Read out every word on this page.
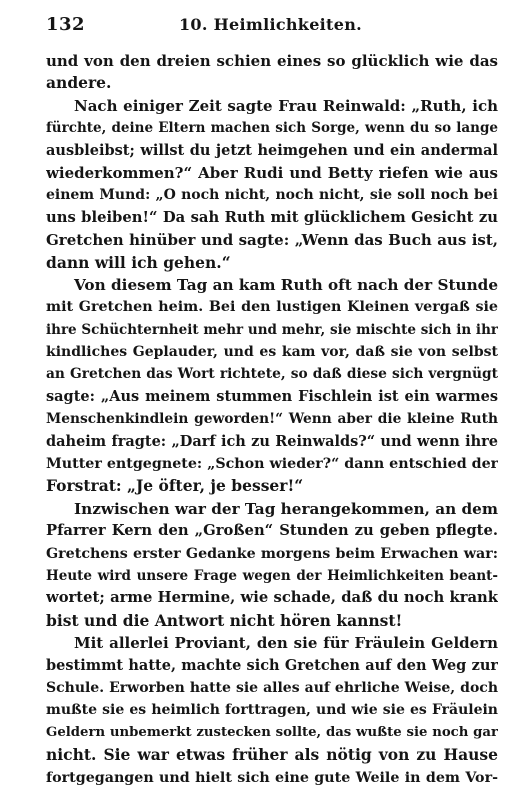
132	10. Heimlichkeiten.
und von den dreien schien eines so glücklich wie das
andere.
Nach einiger Zeit sagte Frau Reinwald: „Ruth, ich
fürchte, deine Eltern machen sich Sorge, wenn du so lange
ausbleibst; willst du jetzt heimgehen und ein andermal
wiederkommen?“ Aber Rudi und Betty riefen wie aus
einem Mund: „O noch nicht, noch nicht, sie soll noch bei
uns bleiben!“ Da sah Ruth mit glücklichem Gesicht zu
Gretchen hinüber und sagte: „Wenn das Buch aus ist,
dann will ich gehen.“
Von diesem Tag an kam Ruth oft nach der Stunde
mit Gretchen heim. Bei den lustigen Kleinen vergaß sie
ihre Schüchternheit mehr und mehr, sie mischte sich in ihr
kindliches Geplauder, und es kam vor, daß sie von selbst
an Gretchen das Wort richtete, so daß diese sich vergnügt
sagte: „Aus meinem stummen Fischlein ist ein warmes
Menschenkindlein geworden!“ Wenn aber die kleine Ruth
daheim fragte: „Darf ich zu Reinwalds?“ und wenn ihre
Mutter entgegnete: „Schon wieder?“ dann entschied der
Forstrat: „Je öfter, je besser!“
Inzwischen war der Tag herangekommen, an dem
Pfarrer Kern den „Großen“ Stunden zu geben pflegte.
Gretchens erster Gedanke morgens beim Erwachen war:
Heute wird unsere Frage wegen der Heimlichkeiten beant-
wortet; arme Hermine, wie schade, daß du noch krank
bist und die Antwort nicht hören kannst!
Mit allerlei Proviant, den sie für Fräulein Geldern
bestimmt hatte, machte sich Gretchen auf den Weg zur
Schule. Erworben hatte sie alles auf ehrliche Weise, doch
mußte sie es heimlich forttragen, und wie sie es Fräulein
Geldern unbemerkt zustecken sollte, das wußte sie noch gar
nicht. Sie war etwas früher als nötig von zu Hause
fortgegangen und hielt sich eine gute Weile in dem Vor-
